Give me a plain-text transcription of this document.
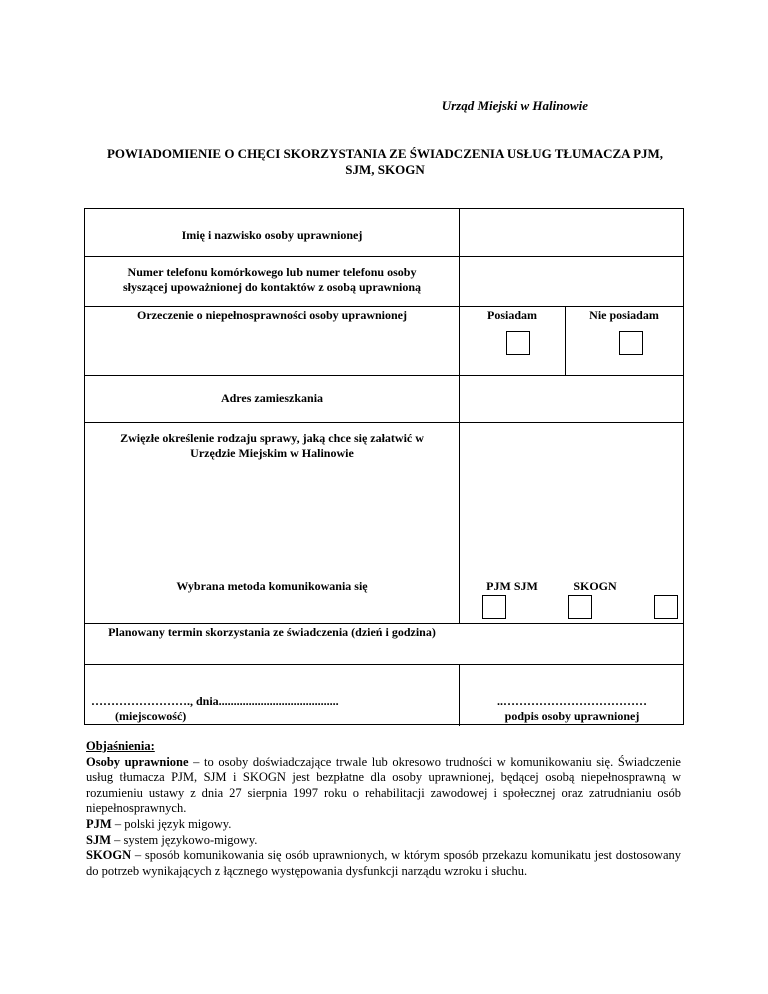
Urząd Miejski w Halinowie
POWIADOMIENIE O CHĘCI SKORZYSTANIA ZE ŚWIADCZENIA USŁUG TŁUMACZA PJM,
SJM, SKOGN
Imię i nazwisko osoby uprawnionej
Numer telefonu komórkowego lub numer telefonu osoby
słyszącej upoważnionej do kontaktów z osobą uprawnioną
Orzeczenie o niepełnosprawności osoby uprawnionej	Posiadam	Nie posiadam
Adres zamieszkania
Zwięzłe określenie rodzaju sprawy, jaką chce się załatwić w
Urzędzie Miejskim w Halinowie
Wybrana metoda komunikowania się	PJM SJM	SKOGN
Planowany termin skorzystania ze świadczenia (dzień i godzina)
……………………., dnia........................................
(miejscowość)
..………………………………
podpis osoby uprawnionej
Objaśnienia:
Osoby uprawnione – to osoby doświadczające trwale lub okresowo trudności w komunikowaniu się. Świadczenie usług tłumacza PJM, SJM i SKOGN jest bezpłatne dla osoby uprawnionej, będącej osobą niepełnosprawną w rozumieniu ustawy z dnia 27 sierpnia 1997 roku o rehabilitacji zawodowej i społecznej oraz zatrudnianiu osób niepełnosprawnych.
PJM – polski język migowy.
SJM – system językowo-migowy.
SKOGN – sposób komunikowania się osób uprawnionych, w którym sposób przekazu komunikatu jest dostosowany do potrzeb wynikających z łącznego występowania dysfunkcji narządu wzroku i słuchu.
